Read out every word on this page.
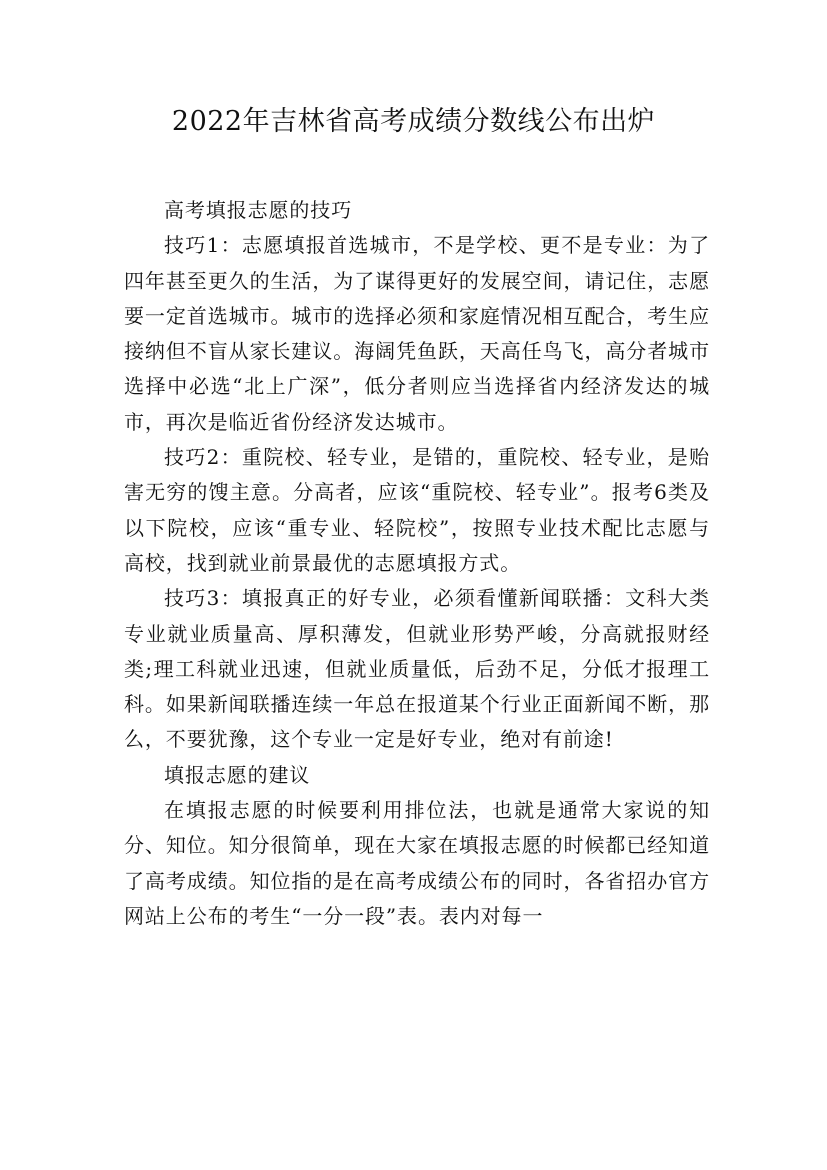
2022年吉林省高考成绩分数线公布出炉

高考填报志愿的技巧

技巧1：志愿填报首选城市，不是学校、更不是专业：为了四年甚至更久的生活，为了谋得更好的发展空间，请记住，志愿要一定首选城市。城市的选择必须和家庭情况相互配合，考生应接纳但不盲从家长建议。海阔凭鱼跃，天高任鸟飞，高分者城市选择中必选“北上广深”，低分者则应当选择省内经济发达的城市，再次是临近省份经济发达城市。

技巧2：重院校、轻专业，是错的，重院校、轻专业，是贻害无穷的馊主意。分高者，应该“重院校、轻专业”。报考6类及以下院校，应该“重专业、轻院校”，按照专业技术配比志愿与高校，找到就业前景最优的志愿填报方式。

技巧3：填报真正的好专业，必须看懂新闻联播：文科大类专业就业质量高、厚积薄发，但就业形势严峻，分高就报财经类;理工科就业迅速，但就业质量低，后劲不足，分低才报理工科。如果新闻联播连续一年总在报道某个行业正面新闻不断，那么，不要犹豫，这个专业一定是好专业，绝对有前途!

填报志愿的建议

在填报志愿的时候要利用排位法，也就是通常大家说的知分、知位。知分很简单，现在大家在填报志愿的时候都已经知道了高考成绩。知位指的是在高考成绩公布的同时，各省招办官方网站上公布的考生“一分一段”表。表内对每一
